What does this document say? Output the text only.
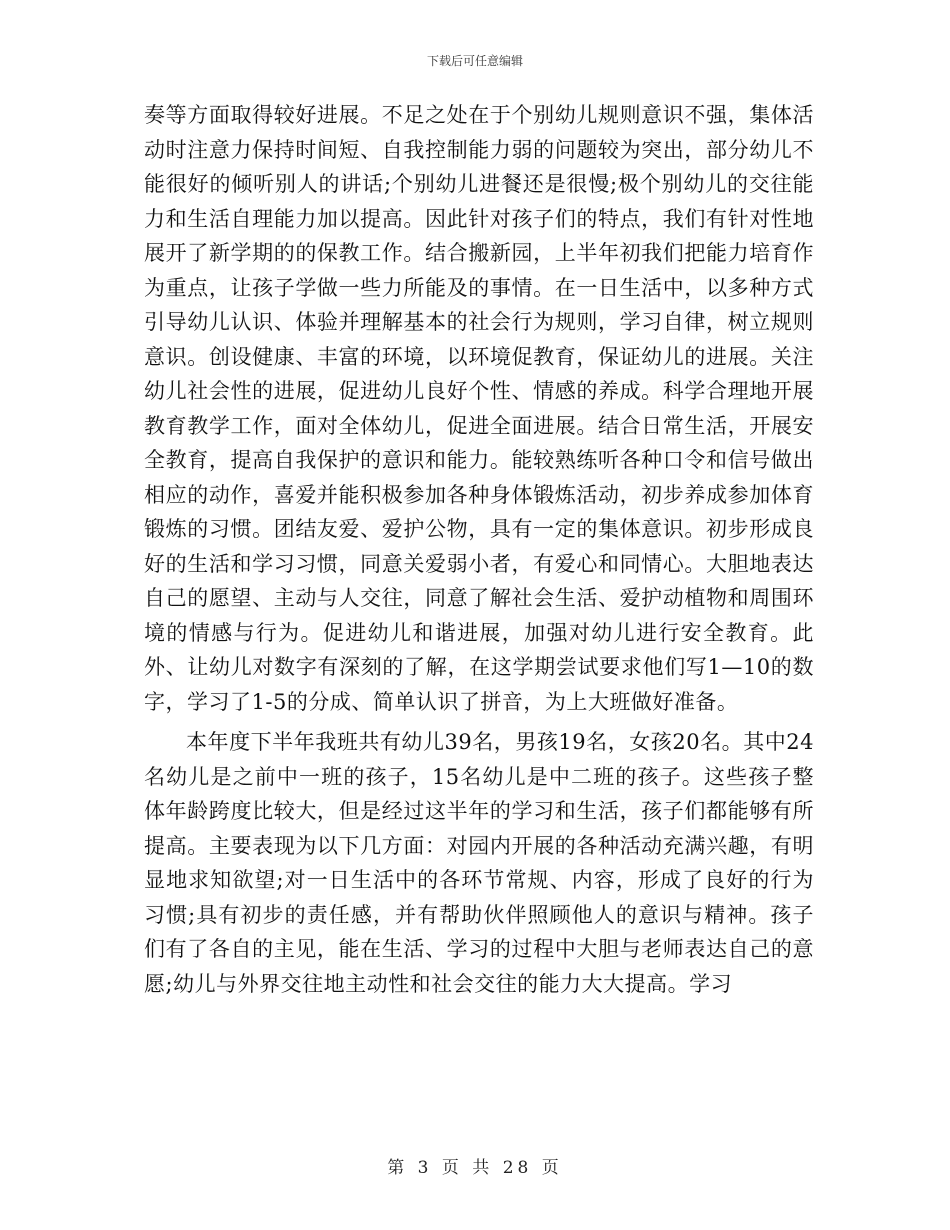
下载后可任意编辑

奏等方面取得较好进展。不足之处在于个别幼儿规则意识不强，集体活动时注意力保持时间短、自我控制能力弱的问题较为突出，部分幼儿不能很好的倾听别人的讲话;个别幼儿进餐还是很慢;极个别幼儿的交往能力和生活自理能力加以提高。因此针对孩子们的特点，我们有针对性地展开了新学期的的保教工作。结合搬新园，上半年初我们把能力培育作为重点，让孩子学做一些力所能及的事情。在一日生活中，以多种方式引导幼儿认识、体验并理解基本的社会行为规则，学习自律，树立规则意识。创设健康、丰富的环境，以环境促教育，保证幼儿的进展。关注幼儿社会性的进展，促进幼儿良好个性、情感的养成。科学合理地开展教育教学工作，面对全体幼儿，促进全面进展。结合日常生活，开展安全教育，提高自我保护的意识和能力。能较熟练听各种口令和信号做出相应的动作，喜爱并能积极参加各种身体锻炼活动，初步养成参加体育锻炼的习惯。团结友爱、爱护公物，具有一定的集体意识。初步形成良好的生活和学习习惯，同意关爱弱小者，有爱心和同情心。大胆地表达自己的愿望、主动与人交往，同意了解社会生活、爱护动植物和周围环境的情感与行为。促进幼儿和谐进展，加强对幼儿进行安全教育。此外、让幼儿对数字有深刻的了解，在这学期尝试要求他们写1—10的数字，学习了1-5的分成、简单认识了拼音，为上大班做好准备。

本年度下半年我班共有幼儿39名，男孩19名，女孩20名。其中24名幼儿是之前中一班的孩子，15名幼儿是中二班的孩子。这些孩子整体年龄跨度比较大，但是经过这半年的学习和生活，孩子们都能够有所提高。主要表现为以下几方面：对园内开展的各种活动充满兴趣，有明显地求知欲望;对一日生活中的各环节常规、内容，形成了良好的行为习惯;具有初步的责任感，并有帮助伙伴照顾他人的意识与精神。孩子们有了各自的主见，能在生活、学习的过程中大胆与老师表达自己的意愿;幼儿与外界交往地主动性和社会交往的能力大大提高。学习

第 3 页 共 28 页
